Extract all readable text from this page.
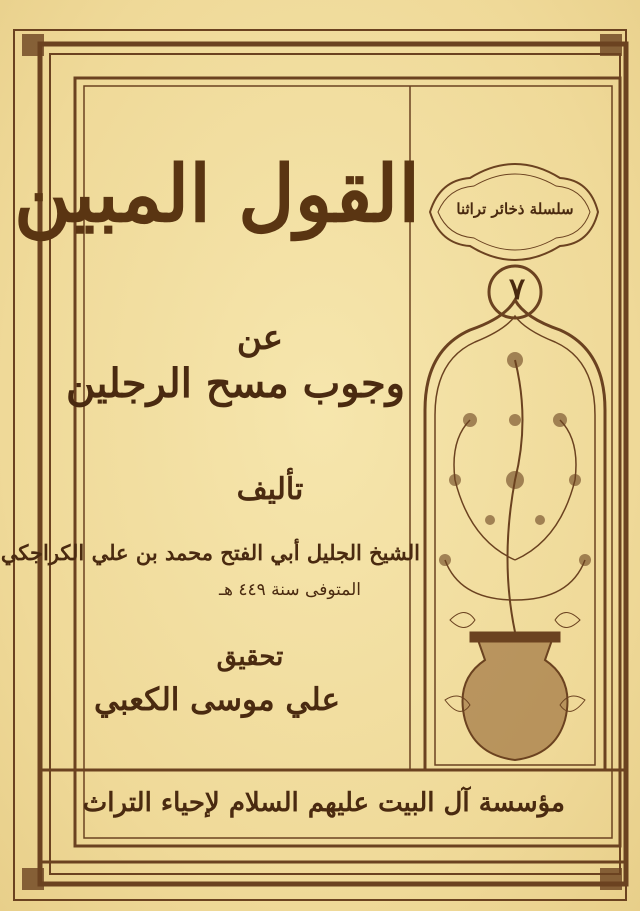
القول المبين
عن
وجوب مسح الرجلين
تأليف
الشيخ الجليل أبي الفتح محمد بن علي الكراجكي
المتوفى سنة ٤٤٩ هـ
تحقيق
علي موسى الكعبي
مؤسسة آل البيت عليهم السلام لإحياء التراث
سلسلة ذخائر تراثنا
٧
